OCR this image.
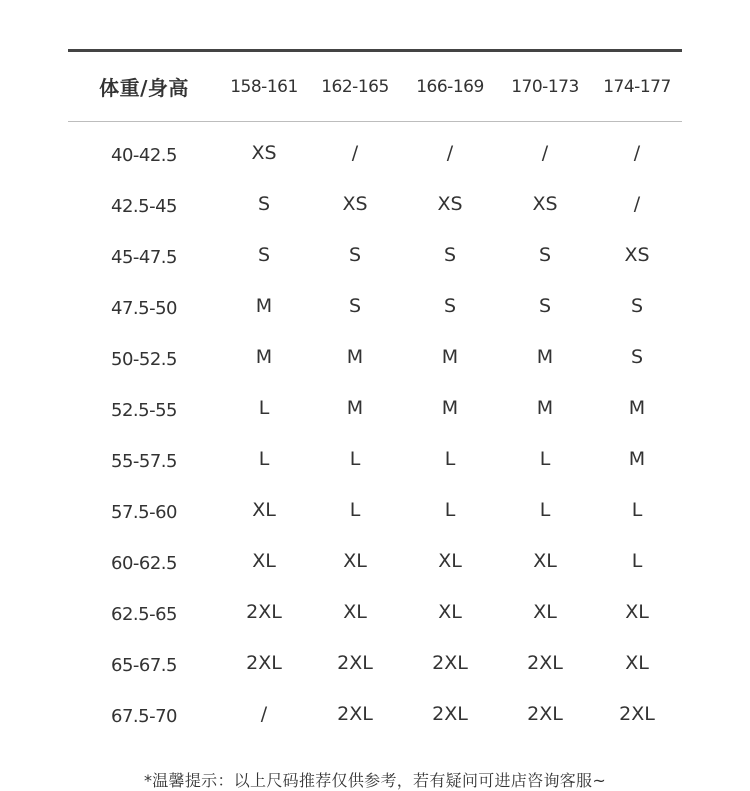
体重/身高	158-161	162-165	166-169	170-173	174-177
40-42.5	XS	/	/	/	/
42.5-45	S	XS	XS	XS	/
45-47.5	S	S	S	S	XS
47.5-50	M	S	S	S	S
50-52.5	M	M	M	M	S
52.5-55	L	M	M	M	M
55-57.5	L	L	L	L	M
57.5-60	XL	L	L	L	L
60-62.5	XL	XL	XL	XL	L
62.5-65	2XL	XL	XL	XL	XL
65-67.5	2XL	2XL	2XL	2XL	XL
67.5-70	/	2XL	2XL	2XL	2XL
*温馨提示：以上尺码推荐仅供参考，若有疑问可进店咨询客服~
